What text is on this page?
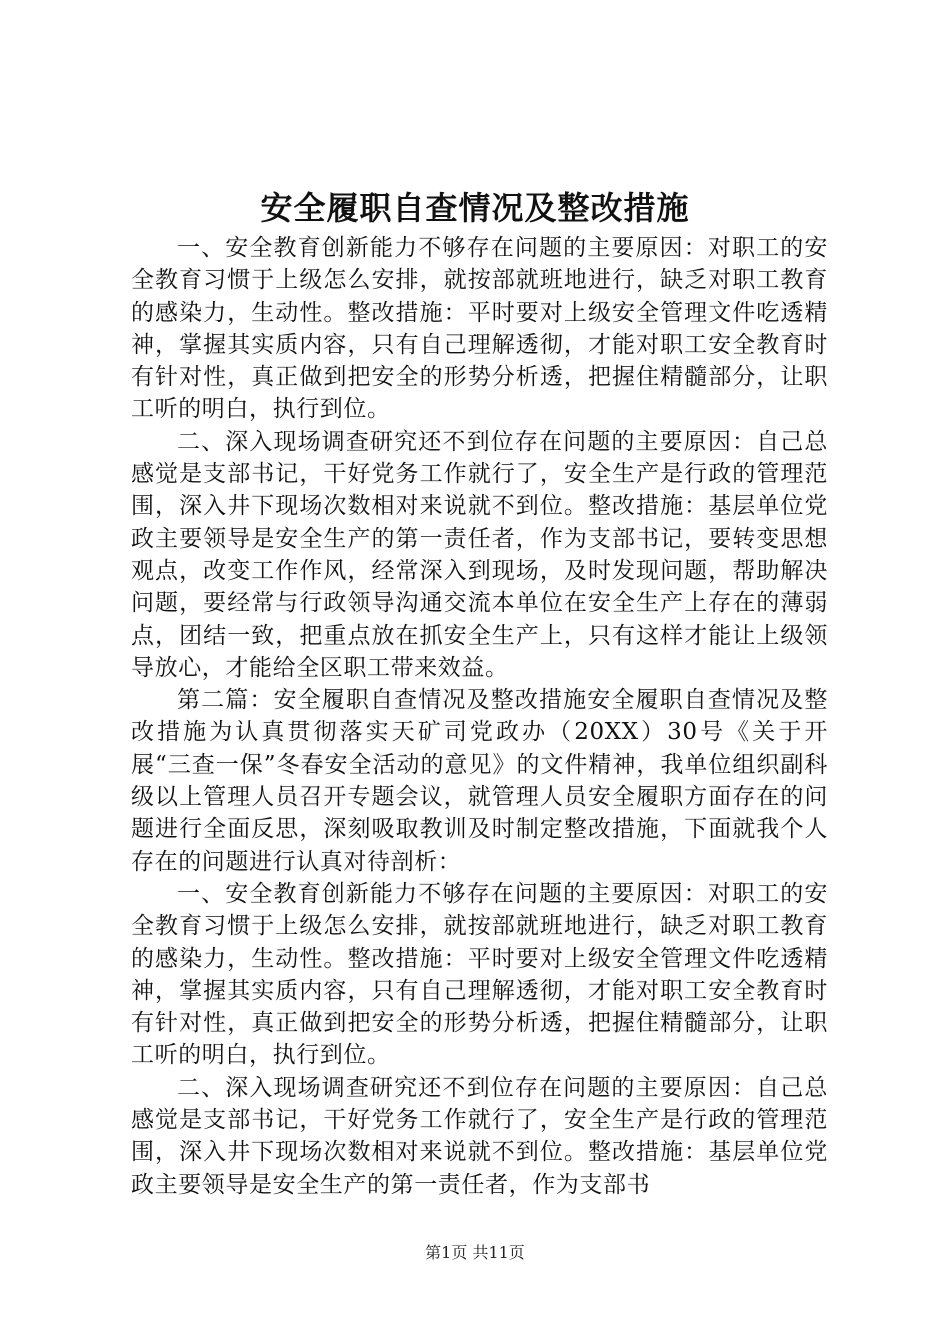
安全履职自查情况及整改措施

一、安全教育创新能力不够存在问题的主要原因：对职工的安全教育习惯于上级怎么安排，就按部就班地进行，缺乏对职工教育的感染力，生动性。整改措施：平时要对上级安全管理文件吃透精神，掌握其实质内容，只有自己理解透彻，才能对职工安全教育时有针对性，真正做到把安全的形势分析透，把握住精髓部分，让职工听的明白，执行到位。

二、深入现场调查研究还不到位存在问题的主要原因：自己总感觉是支部书记，干好党务工作就行了，安全生产是行政的管理范围，深入井下现场次数相对来说就不到位。整改措施：基层单位党政主要领导是安全生产的第一责任者，作为支部书记，要转变思想观点，改变工作作风，经常深入到现场，及时发现问题，帮助解决问题，要经常与行政领导沟通交流本单位在安全生产上存在的薄弱点，团结一致，把重点放在抓安全生产上，只有这样才能让上级领导放心，才能给全区职工带来效益。

第二篇：安全履职自查情况及整改措施安全履职自查情况及整改措施为认真贯彻落实天矿司党政办（20XX）30号《关于开展“三查一保”冬春安全活动的意见》的文件精神，我单位组织副科级以上管理人员召开专题会议，就管理人员安全履职方面存在的问题进行全面反思，深刻吸取教训及时制定整改措施，下面就我个人存在的问题进行认真对待剖析：

一、安全教育创新能力不够存在问题的主要原因：对职工的安全教育习惯于上级怎么安排，就按部就班地进行，缺乏对职工教育的感染力，生动性。整改措施：平时要对上级安全管理文件吃透精神，掌握其实质内容，只有自己理解透彻，才能对职工安全教育时有针对性，真正做到把安全的形势分析透，把握住精髓部分，让职工听的明白，执行到位。

二、深入现场调查研究还不到位存在问题的主要原因：自己总感觉是支部书记，干好党务工作就行了，安全生产是行政的管理范围，深入井下现场次数相对来说就不到位。整改措施：基层单位党政主要领导是安全生产的第一责任者，作为支部书

第1页 共11页
